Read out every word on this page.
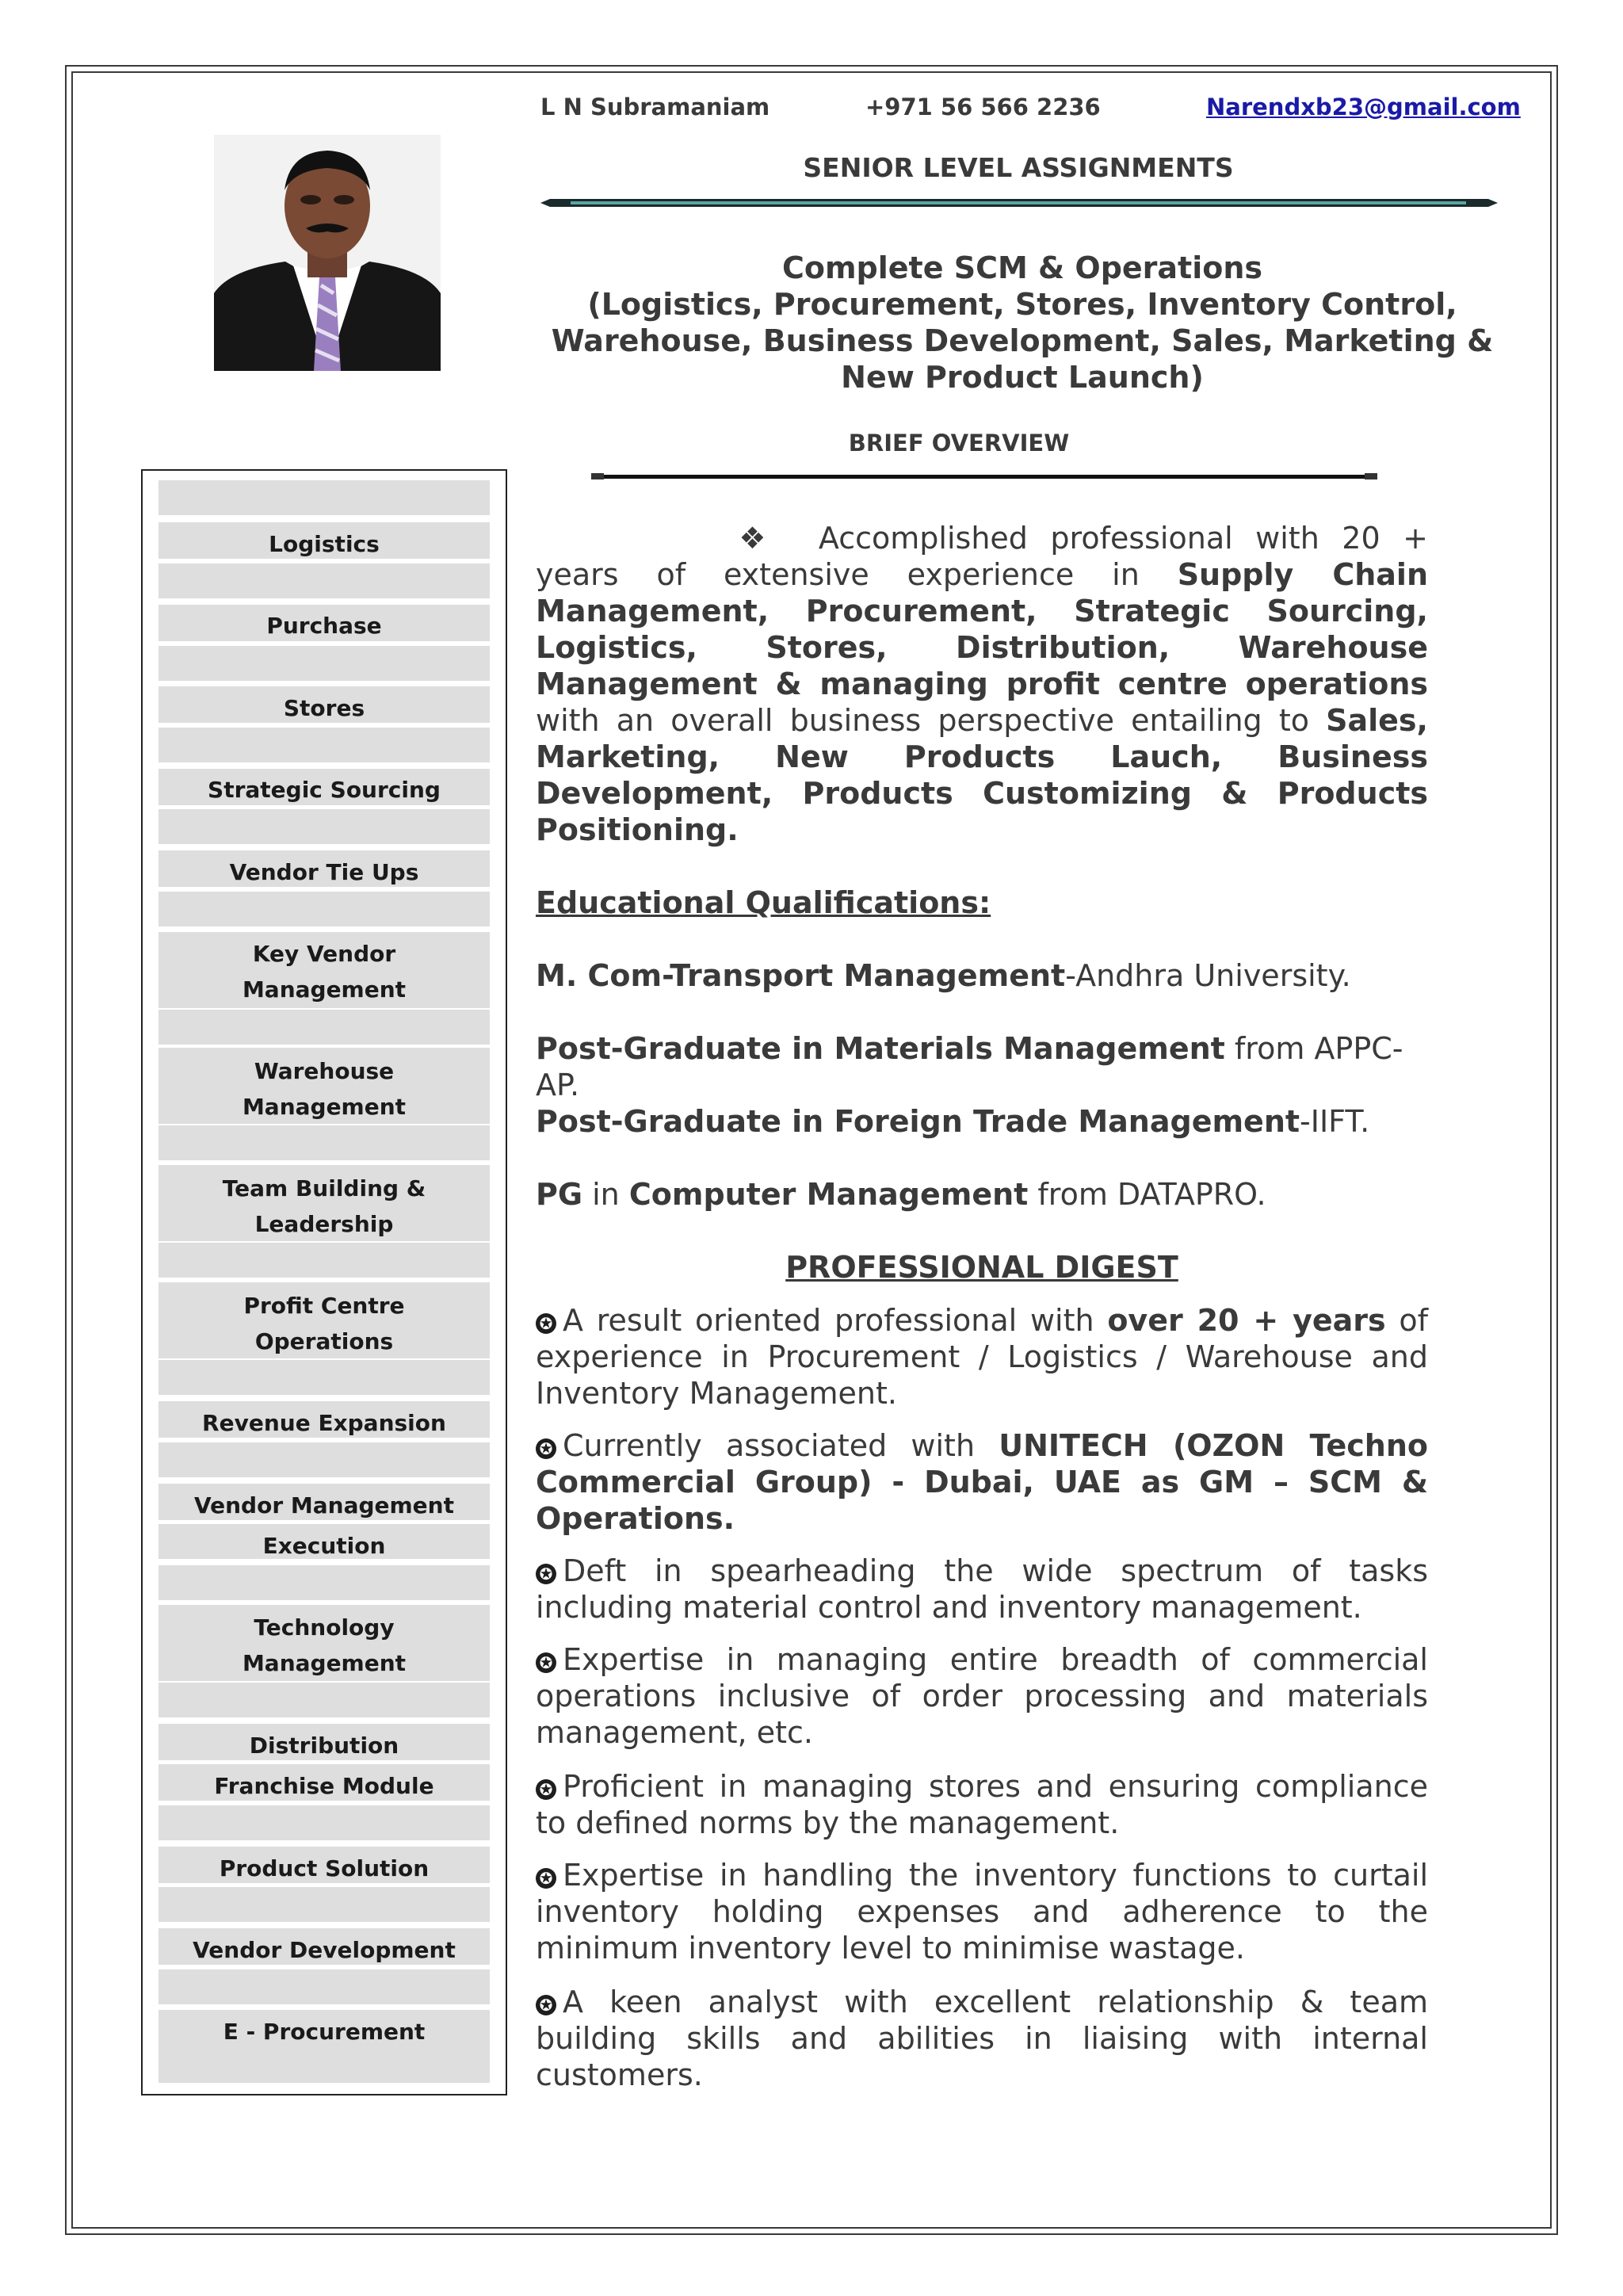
L N Subramaniam	+971 56 566 2236	Narendxb23@gmail.com
SENIOR LEVEL ASSIGNMENTS
Complete SCM & Operations
(Logistics, Procurement, Stores, Inventory Control,
Warehouse, Business Development, Sales, Marketing &
New Product Launch)
BRIEF OVERVIEW
Logistics
Purchase
Stores
Strategic Sourcing
Vendor Tie Ups
Key Vendor
Management
Warehouse
Management
Team Building &
Leadership
Profit Centre
Operations
Revenue Expansion
Vendor Management
Execution
Technology
Management
Distribution
Franchise Module
Product Solution
Vendor Development
E - Procurement
❖ Accomplished professional with 20 + years of extensive experience in Supply Chain Management, Procurement, Strategic Sourcing, Logistics, Stores, Distribution, Warehouse Management & managing profit centre operations with an overall business perspective entailing to Sales, Marketing, New Products Lauch, Business Development, Products Customizing & Products Positioning.
Educational Qualifications:
M. Com-Transport Management-Andhra University.
Post-Graduate in Materials Management from APPC-AP.
Post-Graduate in Foreign Trade Management-IIFT.
PG in Computer Management from DATAPRO.
PROFESSIONAL DIGEST
✪ A result oriented professional with over 20 + years of experience in Procurement / Logistics / Warehouse and Inventory Management.
✪ Currently associated with UNITECH (OZON Techno Commercial Group) - Dubai, UAE as GM – SCM & Operations.
✪ Deft in spearheading the wide spectrum of tasks including material control and inventory management.
✪ Expertise in managing entire breadth of commercial operations inclusive of order processing and materials management, etc.
✪ Proficient in managing stores and ensuring compliance to defined norms by the management.
✪ Expertise in handling the inventory functions to curtail inventory holding expenses and adherence to the minimum inventory level to minimise wastage.
✪ A keen analyst with excellent relationship & team building skills and abilities in liaising with internal customers.
